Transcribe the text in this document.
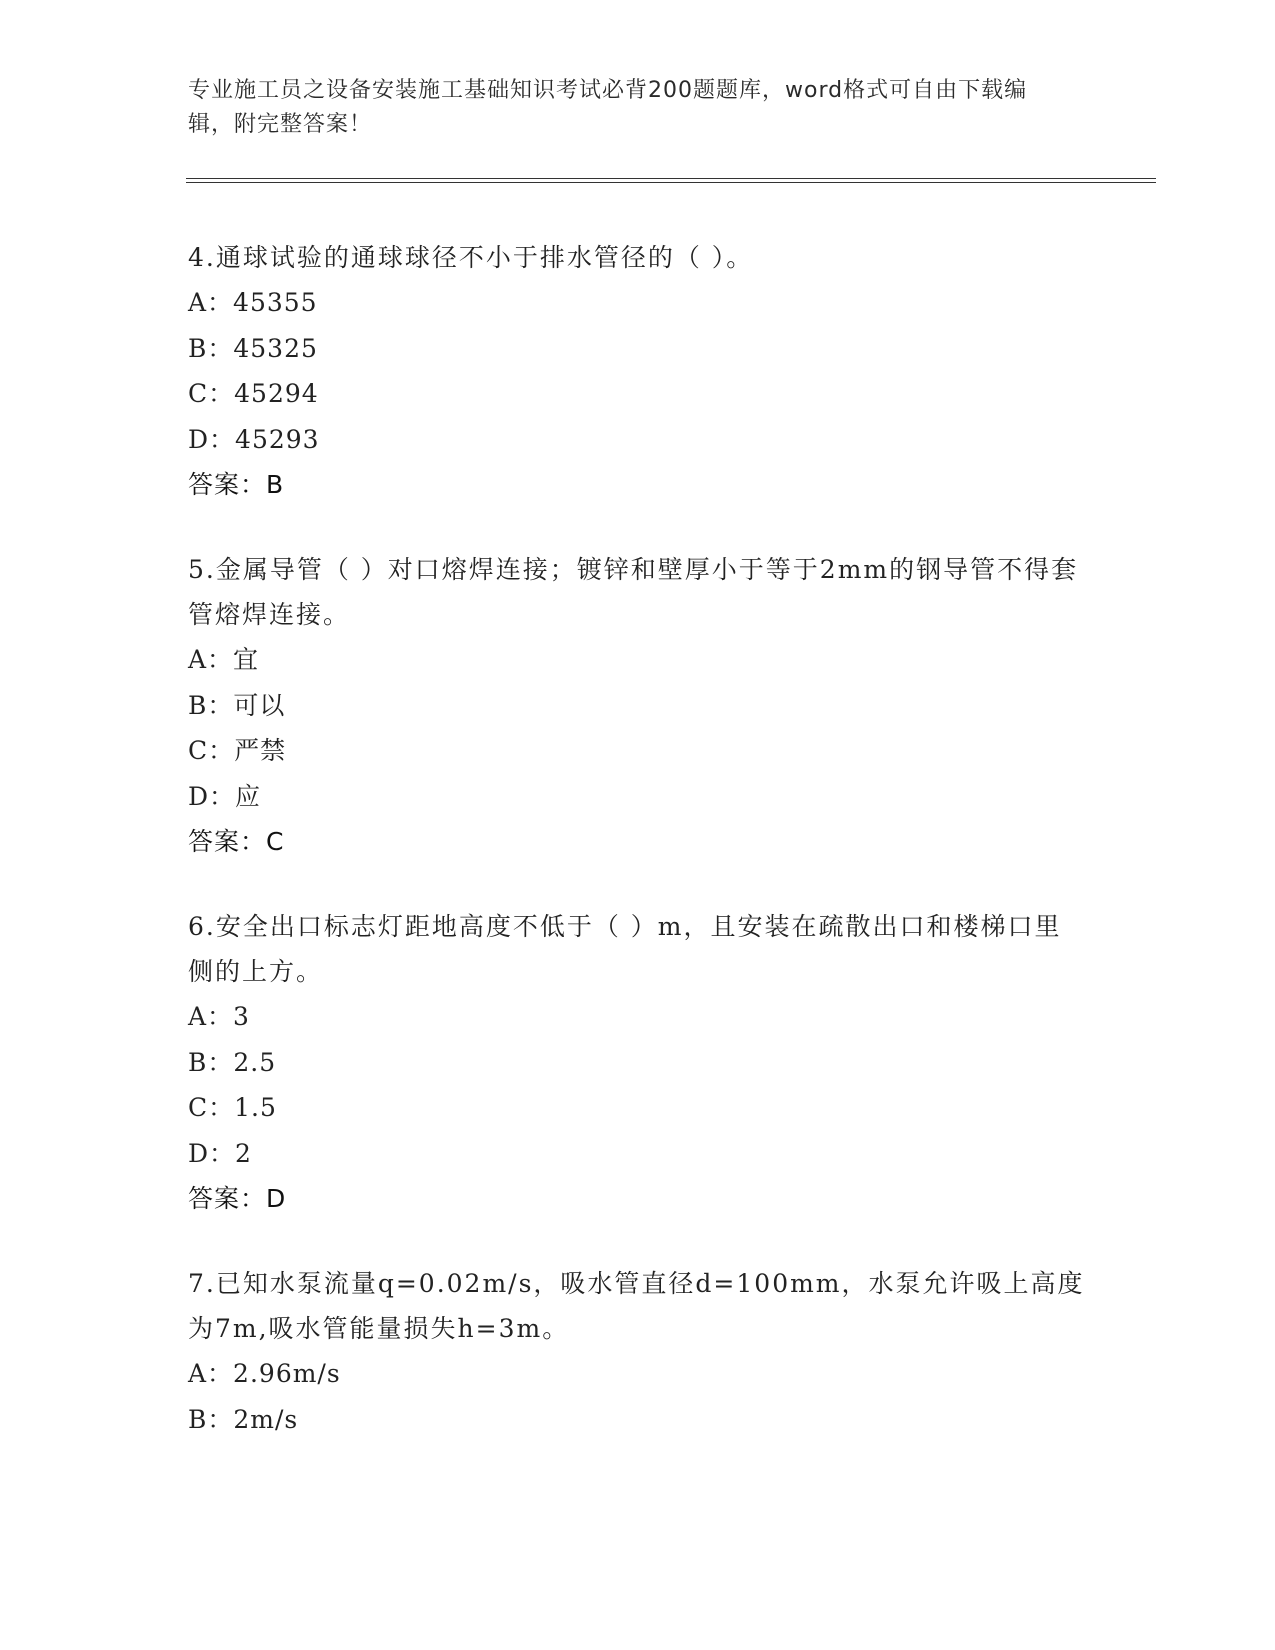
专业施工员之设备安装施工基础知识考试必背200题题库，word格式可自由下载编辑，附完整答案！

4.通球试验的通球球径不小于排水管径的（ ）。

A：45355

B：45325

C：45294

D：45293

答案：B

5.金属导管（ ）对口熔焊连接；镀锌和壁厚小于等于2mm的钢导管不得套管熔焊连接。

A：宜

B：可以

C：严禁

D：应

答案：C

6.安全出口标志灯距地高度不低于（ ）m，且安装在疏散出口和楼梯口里侧的上方。

A：3

B：2.5

C：1.5

D：2

答案：D

7.已知水泵流量q=0.02m/s，吸水管直径d=100mm，水泵允许吸上高度为7m,吸水管能量损失h=3m。

A：2.96m/s

B：2m/s
